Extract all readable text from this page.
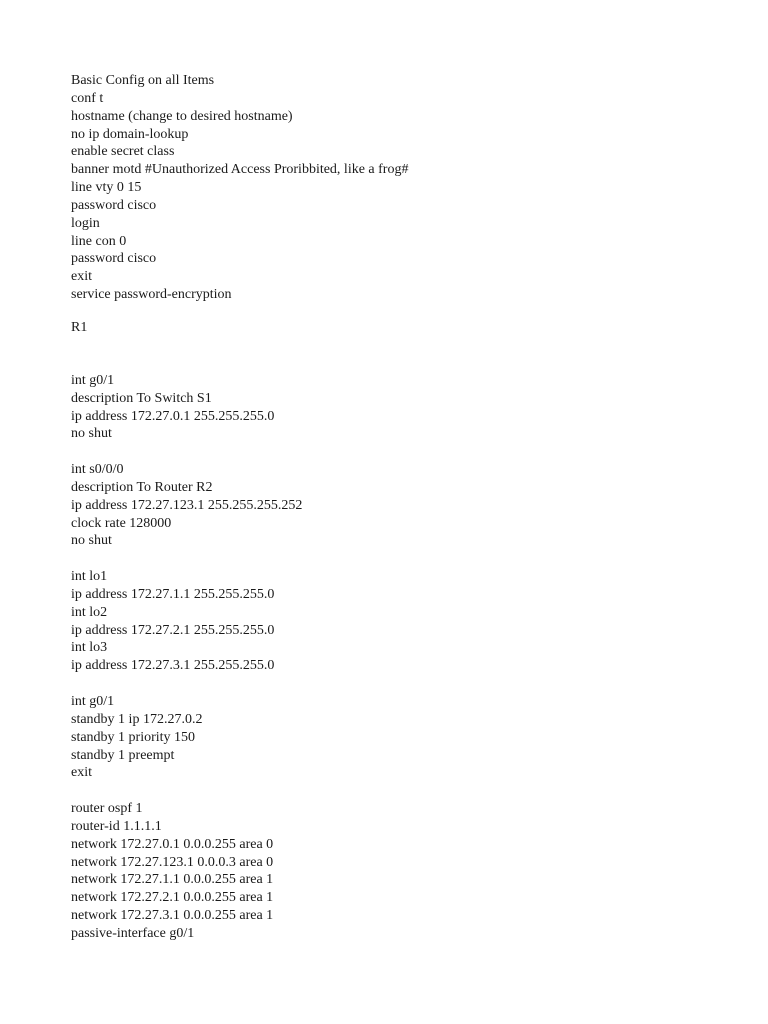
Basic Config on all Items
conf t
hostname (change to desired hostname)
no ip domain-lookup
enable secret class
banner motd #Unauthorized Access Proribbited, like a frog#
line vty 0 15
password cisco
login
line con 0
password cisco
exit
service password-encryption
R1
int g0/1
description To Switch S1
ip address 172.27.0.1 255.255.255.0
no shut
int s0/0/0
description To Router R2
ip address 172.27.123.1 255.255.255.252
clock rate 128000
no shut
int lo1
ip address 172.27.1.1 255.255.255.0
int lo2
ip address 172.27.2.1 255.255.255.0
int lo3
ip address 172.27.3.1 255.255.255.0
int g0/1
standby 1 ip 172.27.0.2
standby 1 priority 150
standby 1 preempt
exit
router ospf 1
router-id 1.1.1.1
network 172.27.0.1 0.0.0.255 area 0
network 172.27.123.1 0.0.0.3 area 0
network 172.27.1.1 0.0.0.255 area 1
network 172.27.2.1 0.0.0.255 area 1
network 172.27.3.1 0.0.0.255 area 1
passive-interface g0/1
